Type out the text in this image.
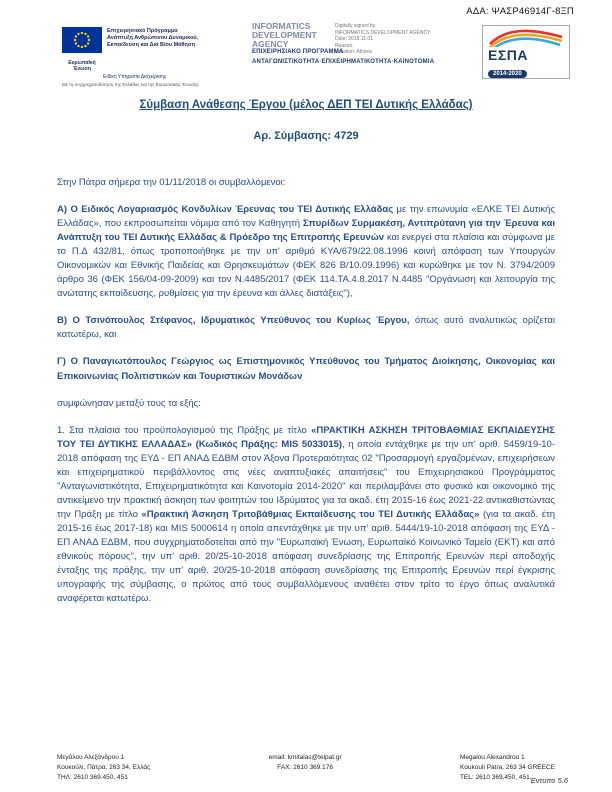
ΑΔΑ: ΨΑΣΡ46914Γ-8ΞΠ
Επιχειρησιακό Πρόγραμμα
Ανάπτυξη Ανθρώπινου Δυναμικού,
Εκπαίδευση και Διά Βίου Μάθηση
Ευρωπαϊκή Ένωση
Ειδική Υπηρεσία Διαχείρισης
Με τη συγχρηματοδότηση της Ελλάδας και της Ευρωπαϊκής Ένωσης
INFORMATICS
DEVELOPMENT
AGENCY
Digitally signed by
INFORMATICS DEVELOPMENT AGENCY
Date: 2018.11.01
Reason:
Location: Athens
ΕΠΙΧΕΙΡΗΣΙΑΚΟ ΠΡΟΓΡΑΜΜΑ
ΑΝΤΑΓΩΝΙΣΤΙΚΟΤΗΤΑ·ΕΠΙΧΕΙΡΗΜΑΤΙΚΟΤΗΤΑ·ΚΑΙΝΟΤΟΜΙΑ	ΕΣΠΑ
2014-2020
Σύμβαση Ανάθεσης Έργου (μέλος ΔΕΠ ΤΕΙ Δυτικής Ελλάδας)
Αρ. Σύμβασης: 4729

Στην Πάτρα σήμερα την 01/11/2018 οι συμβαλλόμενοι:

Α) Ο Ειδικός Λογαριασμός Κονδυλίων Έρευνας του ΤΕΙ Δυτικής Ελλάδας με την επωνυμία «ΕΛΚΕ ΤΕΙ Δυτικής Ελλάδας», που εκπροσωπείται νόμιμα από τον Καθηγητή Σπυρίδων Συρμακέση, Αντιπρύτανη για την Έρευνα και Ανάπτυξη του ΤΕΙ Δυτικής Ελλάδας & Πρόεδρο της Επιτροπής Ερευνών και ενεργεί στα πλαίσια και σύμφωνα με το Π.Δ 432/81, όπως τροποποιήθηκε με την υπ' αριθμό ΚΥΑ/679/22.08.1996 κοινή απόφαση των Υπουργών Οικονομικών και Εθνικής Παιδείας και Θρησκευμάτων (ΦΕΚ 826 Β/10.09.1996) και κυρώθηκε με τον Ν. 3794/2009 άρθρο 36 (ΦΕΚ 156/04-09-2009) και τον Ν.4485/2017 (ΦΕΚ 114.ΤΑ.4.8.2017 Ν.4485 "Οργάνωση και λειτουργία της ανώτατης εκπαίδευσης, ρυθμίσεις για την έρευνα και άλλες διατάξεις"),

Β) Ο Τσινόπουλος Στέφανος, Ιδρυματικός Υπεύθυνος του Κυρίως Έργου, όπως αυτό αναλυτικώς ορίζεται κατωτέρω, και

Γ) Ο Παναγιωτόπουλος Γεώργιος ως Επιστημονικός Υπεύθυνος του Τμήματος Διοίκησης, Οικονομίας και Επικοινωνίας Πολιτιστικών και Τουριστικών Μονάδων

συμφώνησαν μεταξύ τους τα εξής:

1. Στα πλαίσια του προϋπολογισμού της Πράξης με τίτλο «ΠΡΑΚΤΙΚΗ ΑΣΚΗΣΗ ΤΡΙΤΟΒΑΘΜΙΑΣ ΕΚΠΑΙΔΕΥΣΗΣ ΤΟΥ ΤΕΙ ΔΥΤΙΚΗΣ ΕΛΛΑΔΑΣ» (Κωδικός Πράξης: MIS 5033015), η οποία εντάχθηκε με την υπ' αριθ. 5459/19-10-2018 απόφαση της ΕΥΔ - ΕΠ ΑΝΑΔ ΕΔΒΜ στον Άξονα Προτεραιότητας 02 "Προσαρμογή εργαζομένων, επιχειρήσεων και επιχειρηματικού περιβάλλοντος στις νέες αναπτυξιακές απαιτήσεις" του Επιχειρησιακού Προγράμματος "Ανταγωνιστικότητα, Επιχειρηματικότητα και Καινοτομία 2014-2020" και περιλαμβάνει στο φυσικό και οικονομικό της αντικείμενο την πρακτική άσκηση των φοιτητών του Ιδρύματος για τα ακαδ. έτη 2015-16 έως 2021-22 αντικαθιστώντας την Πράξη με τίτλο «Πρακτική Άσκηση Τριτοβάθμιας Εκπαίδευσης του ΤΕΙ Δυτικής Ελλάδας» (για τα ακαδ. έτη 2015-16 έως 2017-18) και MIS 5000614 η οποία απεντάχθηκε με την υπ' αριθ. 5444/19-10-2018 απόφαση της ΕΥΔ - ΕΠ ΑΝΑΔ ΕΔΒΜ, που συγχρηματοδοτείται από την "Ευρωπαϊκή Ένωση, Ευρωπαϊκό Κοινωνικό Ταμείο (ΕΚΤ) και από εθνικούς πόρους", την υπ' αριθ. 20/25-10-2018 απόφαση συνεδρίασης της Επιτροπής Ερευνών περί αποδοχής ένταξης της πράξης, την υπ' αριθ. 20/25-10-2018 απόφαση συνεδρίασης της Επιτροπής Ερευνών περί έγκρισης υπογραφής της σύμβασης, ο πρώτος από τους συμβαλλόμενους αναθέτει στον τρίτο το έργο όπως αναλυτικά αναφέρεται κατωτέρω.

Μεγάλου Αλεξάνδρου 1
Κουκούλι, Πάτρα, 263 34, Ελλάς
ΤΗΛ: 2610 369.450, 451
email: kmitalas@teipat.gr
FAX: 2610 369.176
Megalou Alexandrou 1
Koukouli Patra, 263 34 GREECE
TEL: 2610 369.450, 451 Έντυπο 5.6
